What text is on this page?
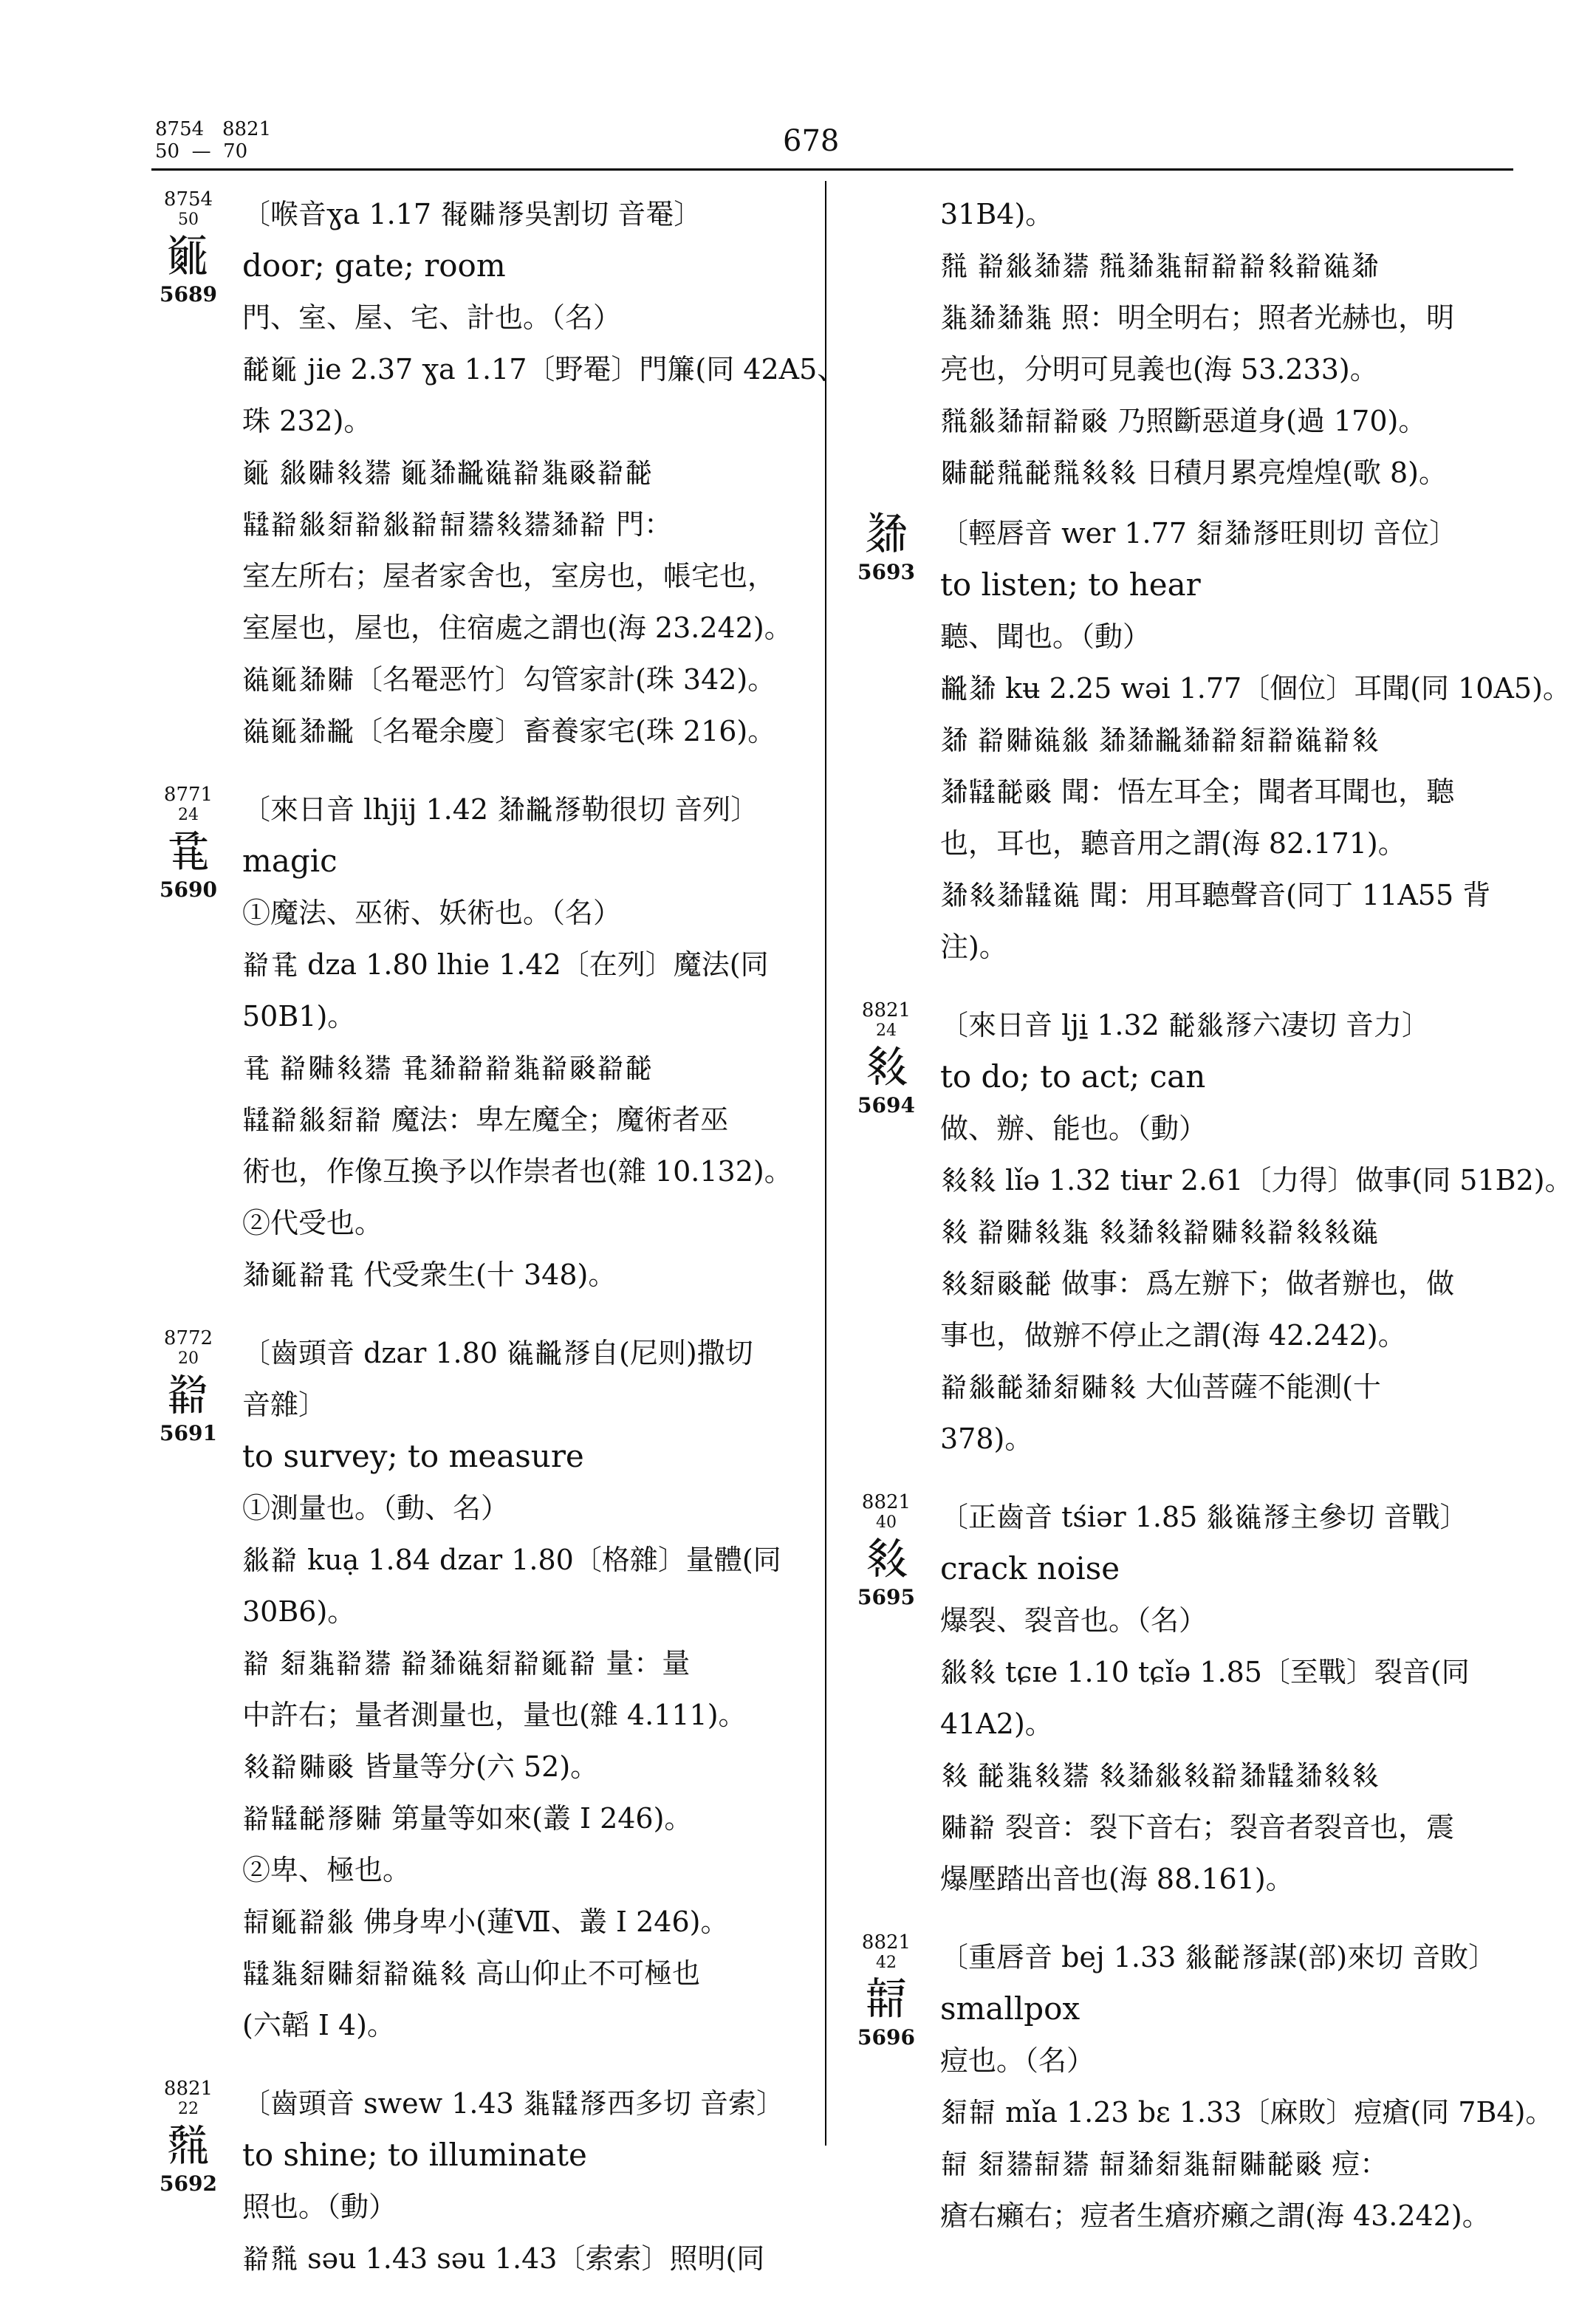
8754   8821
50  —  70	678
8754
50
𘛢
5689
〔喉音ɣa 1.17 𘒺𘉐𘃡吳割切 音罨〕
door; gate; room
門、室、屋、宅、計也。（名）
𘙰𘛢 jie 2.37 ɣa 1.17〔野罨〕門簾(同 42A5、
珠 232)。
𘛢 𘔼𘉐𘊢𘐺 𘛢𘏞𘋢𘌽𘗡𘏈𘓱𘗡𘙰
𘚺𘗡𘔼𘊛𘗡𘔼𘗡𘚿𘐺𘊢𘐺𘏞𘗡 門：
室左所右；屋者家舍也，室房也，帳宅也，
室屋也，屋也，住宿處之謂也(海 23.242)。
𘌽𘛢𘏞𘉐〔名罨恶竹〕勾管家計(珠 342)。
𘌽𘛢𘏞𘋢〔名罨余慶〕畜養家宅(珠 216)。
8771
24
𘜉
5690
〔來日音 lhjij 1.42 𘏞𘋢𘃡勒很切 音列〕
magic
①魔法、巫術、妖術也。（名）
𘗡𘜉 dza 1.80 lhie 1.42〔在列〕魔法(同
50B1)。
𘜉 𘗡𘉐𘊢𘐺 𘜉𘏞𘗡𘗡𘏈𘗡𘓱𘗡𘙰
𘚺𘗡𘔼𘊛𘗡 魔法：卑左魔全；魔術者巫
術也，作像互換予以作崇者也(雜 10.132)。
②代受也。
𘏞𘛢𘗡𘜉 代受衆生(十 348)。
8772
20
𘗡
5691
〔齒頭音 dzar 1.80 𘌽𘋢𘃡自(尼则)撒切
音雜〕
to survey; to measure
①測量也。（動、名）
𘔼𘗡 kuạ 1.84 dzar 1.80〔格雜〕量體(同
30B6)。
𘗡 𘊛𘏈𘗡𘐺 𘗡𘏞𘌽𘊛𘗡𘛢𘗡 量：量
中許右；量者測量也，量也(雜 4.111)。
𘊢𘗡𘉐𘓱 皆量等分(六 52)。
𘗡𘚺𘙰𘃡𘉐 第量等如來(叢 I 246)。
②卑、極也。
𘚿𘛢𘗡𘔼 佛身卑小(蓮Ⅶ、叢 I 246)。
𘚺𘏈𘊛𘉐𘊛𘗡𘌽𘊢 高山仰止不可極也
(六韜 I 4)。
8821
22
𘜘
5692
〔齒頭音 swew 1.43 𘏈𘚺𘃡西多切 音索〕
to shine; to illuminate
照也。（動）
𘗡𘜘 səu 1.43 səu 1.43〔索索〕照明(同
31B4)。
𘜘 𘗡𘔼𘏞𘐺 𘜘𘏞𘏈𘚿𘗡𘗡𘊢𘗡𘌽𘏞
𘏈𘏞𘏞𘏈 照：明全明右；照者光赫也，明
亮也，分明可見義也(海 53.233)。
𘜘𘔼𘏞𘚿𘗡𘓱 乃照斷惡道身(過 170)。
𘉐𘙰𘜘𘙰𘜘𘊢𘊢 日積月累亮煌煌(歌 8)。
𘏞
5693
〔輕唇音 wer 1.77 𘊛𘏞𘃡旺則切 音位〕
to listen; to hear
聽、聞也。（動）
𘋢𘏞 kʉ 2.25 wəi 1.77〔個位〕耳聞(同 10A5)。
𘏞 𘗡𘉐𘌽𘔼 𘏞𘏞𘋢𘏞𘗡𘊛𘗡𘌽𘗡𘊢
𘏞𘚺𘙰𘓱 聞：悟左耳全；聞者耳聞也，聽
也，耳也，聽音用之謂(海 82.171)。
𘏞𘊢𘏞𘚺𘌽 聞：用耳聽聲音(同丁 11A55 背
注)。
8821
24
𘊢
5694
〔來日音 lji̱ 1.32 𘙰𘔼𘃡六凄切 音力〕
to do; to act; can
做、辦、能也。（動）
𘊢𘊢 lǐə 1.32 tiʉr 2.61〔力得〕做事(同 51B2)。
𘊢 𘗡𘉐𘊢𘏈 𘊢𘏞𘊢𘗡𘉐𘊢𘗡𘊢𘊢𘌽
𘊢𘊛𘓱𘙰 做事：爲左辦下；做者辦也，做
事也，做辦不停止之謂(海 42.242)。
𘗡𘔼𘙰𘏞𘊛𘉐𘊢 大仙菩薩不能測(十
378)。
8821
40
𘊢
5695
〔正齒音 tśiər 1.85 𘔼𘌽𘃡主參切 音戰〕
crack noise
爆裂、裂音也。（名）
𘔼𘊢 tɕɪe 1.10 tɕǐə 1.85〔至戰〕裂音(同
41A2)。
𘊢 𘙰𘏈𘊢𘐺 𘊢𘏞𘔼𘊢𘗡𘏞𘚺𘏞𘊢𘊢
𘉐𘗡 裂音：裂下音右；裂音者裂音也，震
爆壓踏出音也(海 88.161)。
8821
42
𘚿
5696
〔重唇音 bej 1.33 𘔼𘙰𘃡謀(部)來切 音敗〕
smallpox
痘也。（名）
𘊛𘚿 mǐa 1.23 bɛ 1.33〔麻敗〕痘瘡(同 7B4)。
𘚿 𘊛𘐺𘚿𘐺 𘚿𘏞𘊛𘏈𘚿𘉐𘙰𘓱 痘：
瘡右癩右；痘者生瘡疥癩之謂(海 43.242)。
